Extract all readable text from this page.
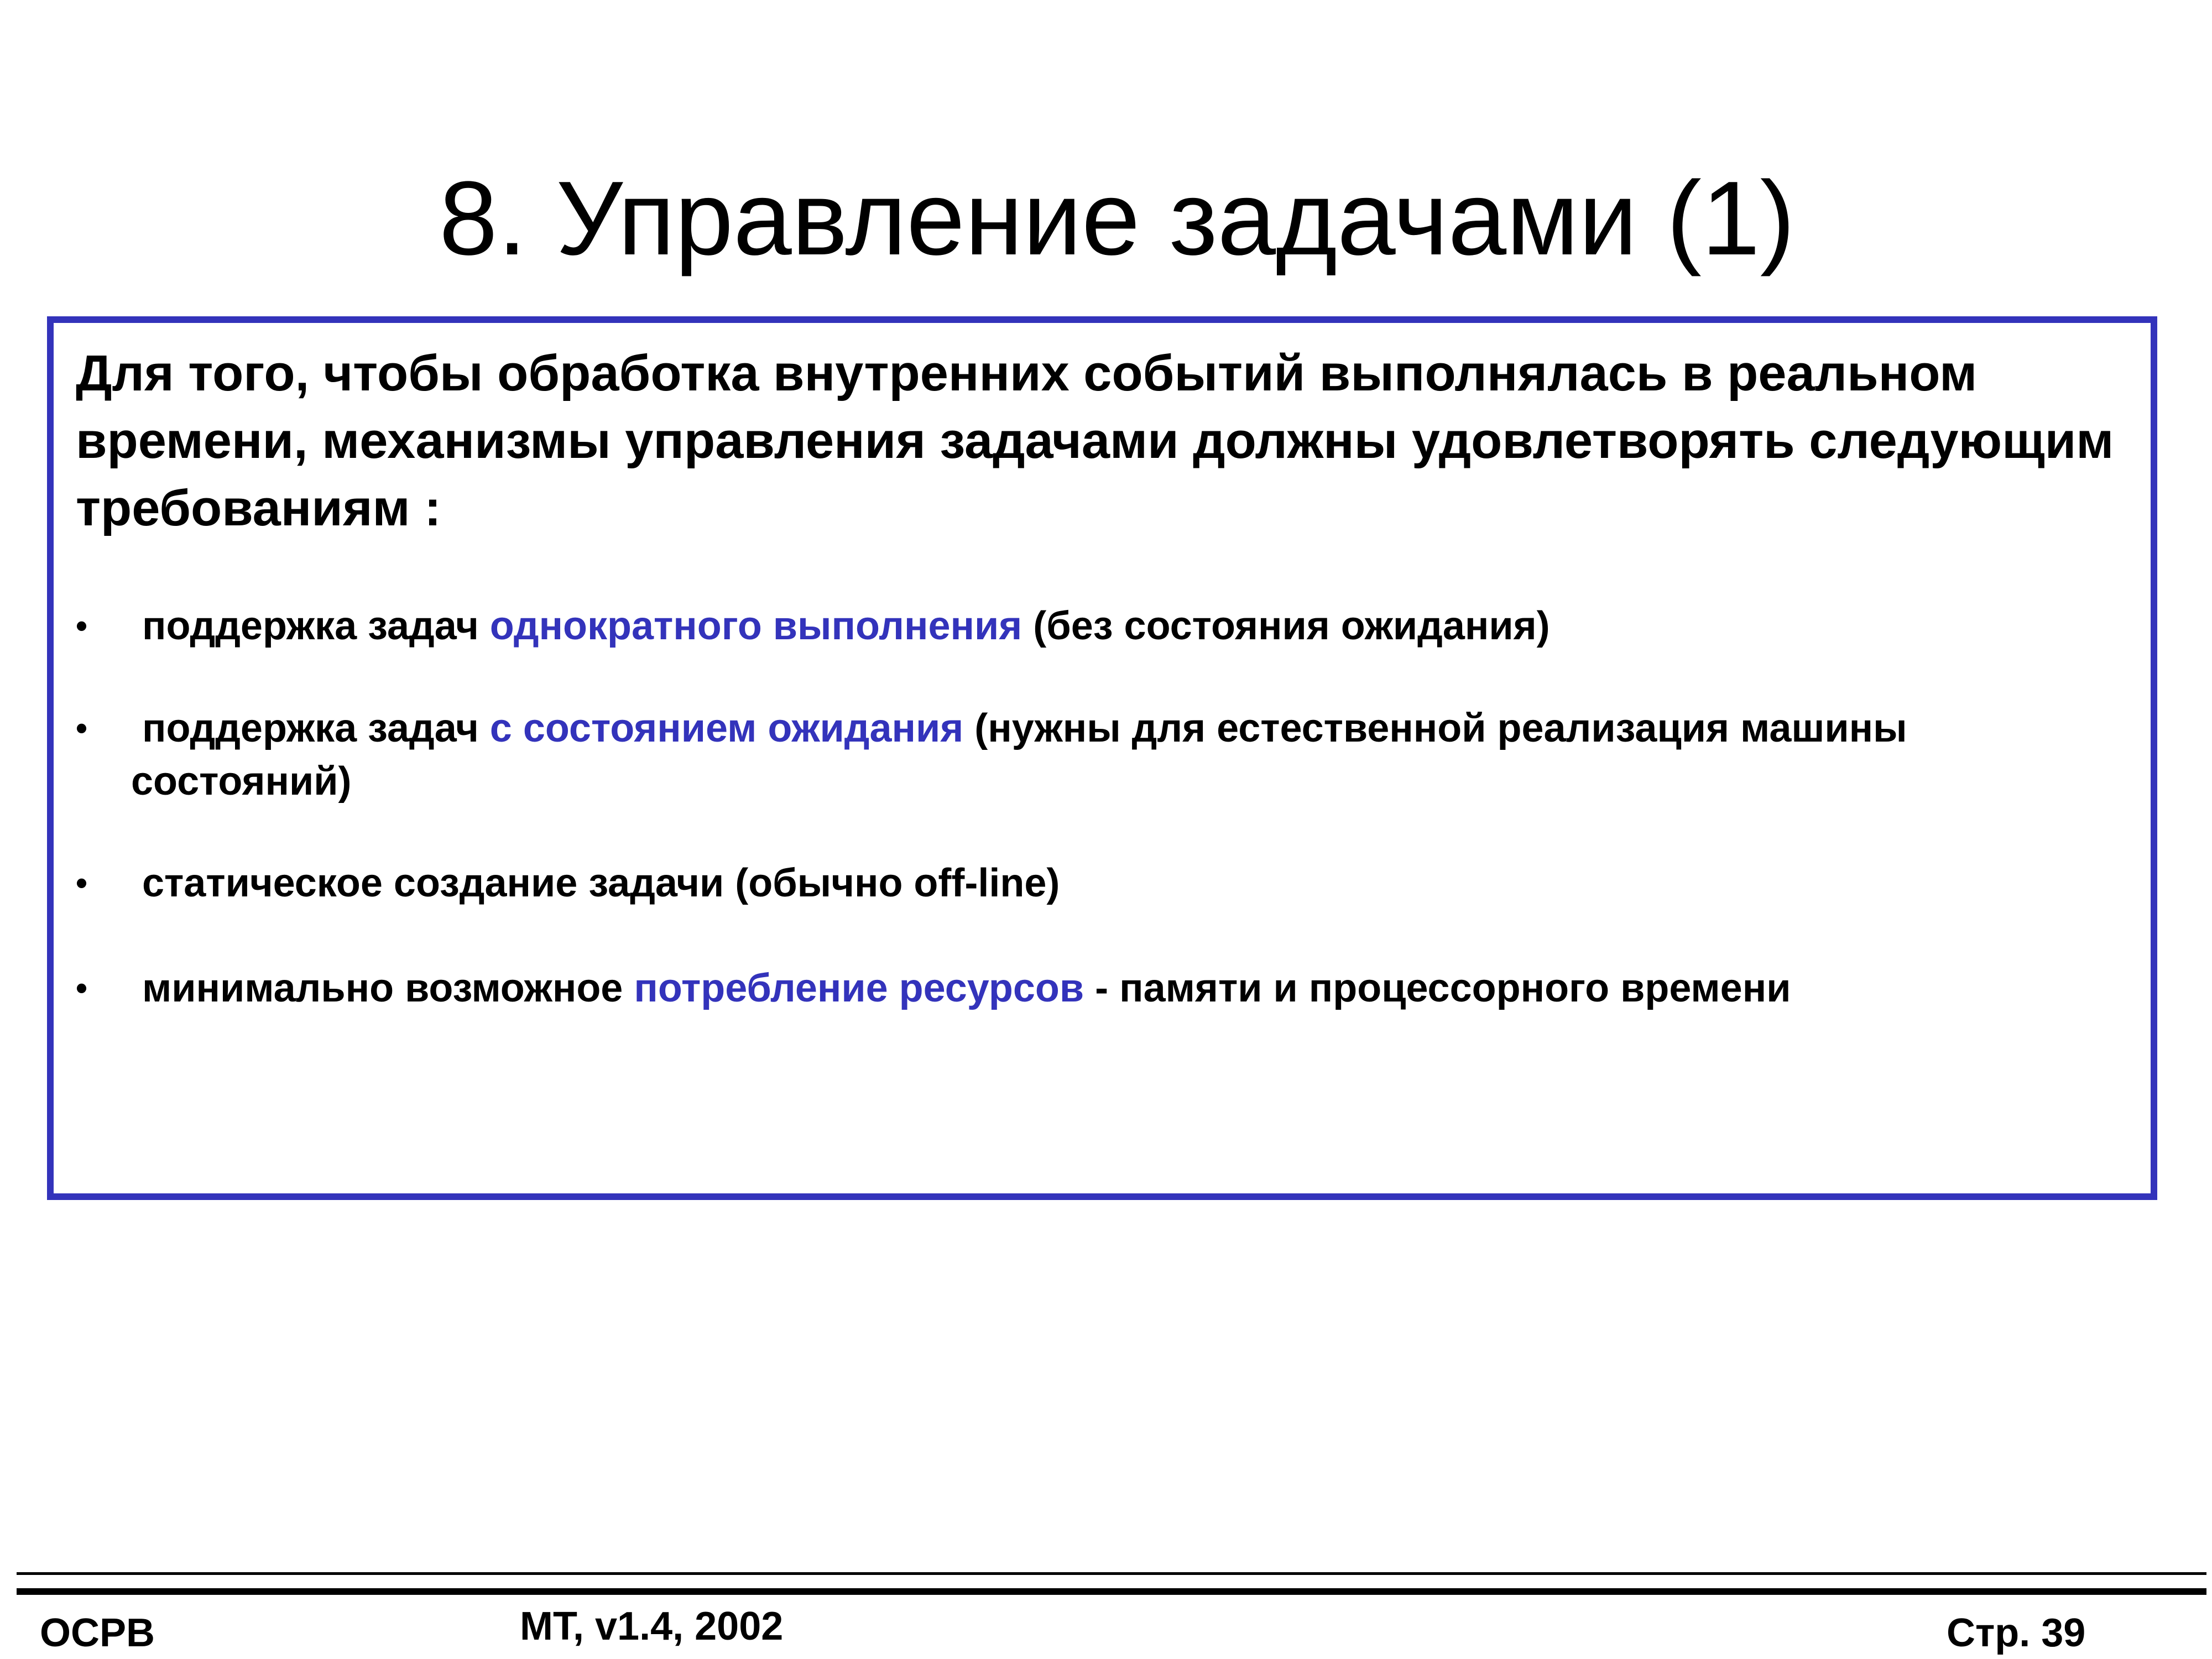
8. Управление задачами (1)

Для того, чтобы обработка внутренних событий выполнялась в реальном времени, механизмы управления задачами должны удовлетворять следующим требованиям :

•	поддержка задач однократного выполнения (без состояния ожидания)
•	поддержка задач с состоянием ожидания (нужны для естественной реализация машины состояний)
•	статическое создание задачи (обычно off-line)
•	минимально возможное потребление ресурсов - памяти и процессорного времени
ОСРВ	MT, v1.4, 2002	Стр. 39
